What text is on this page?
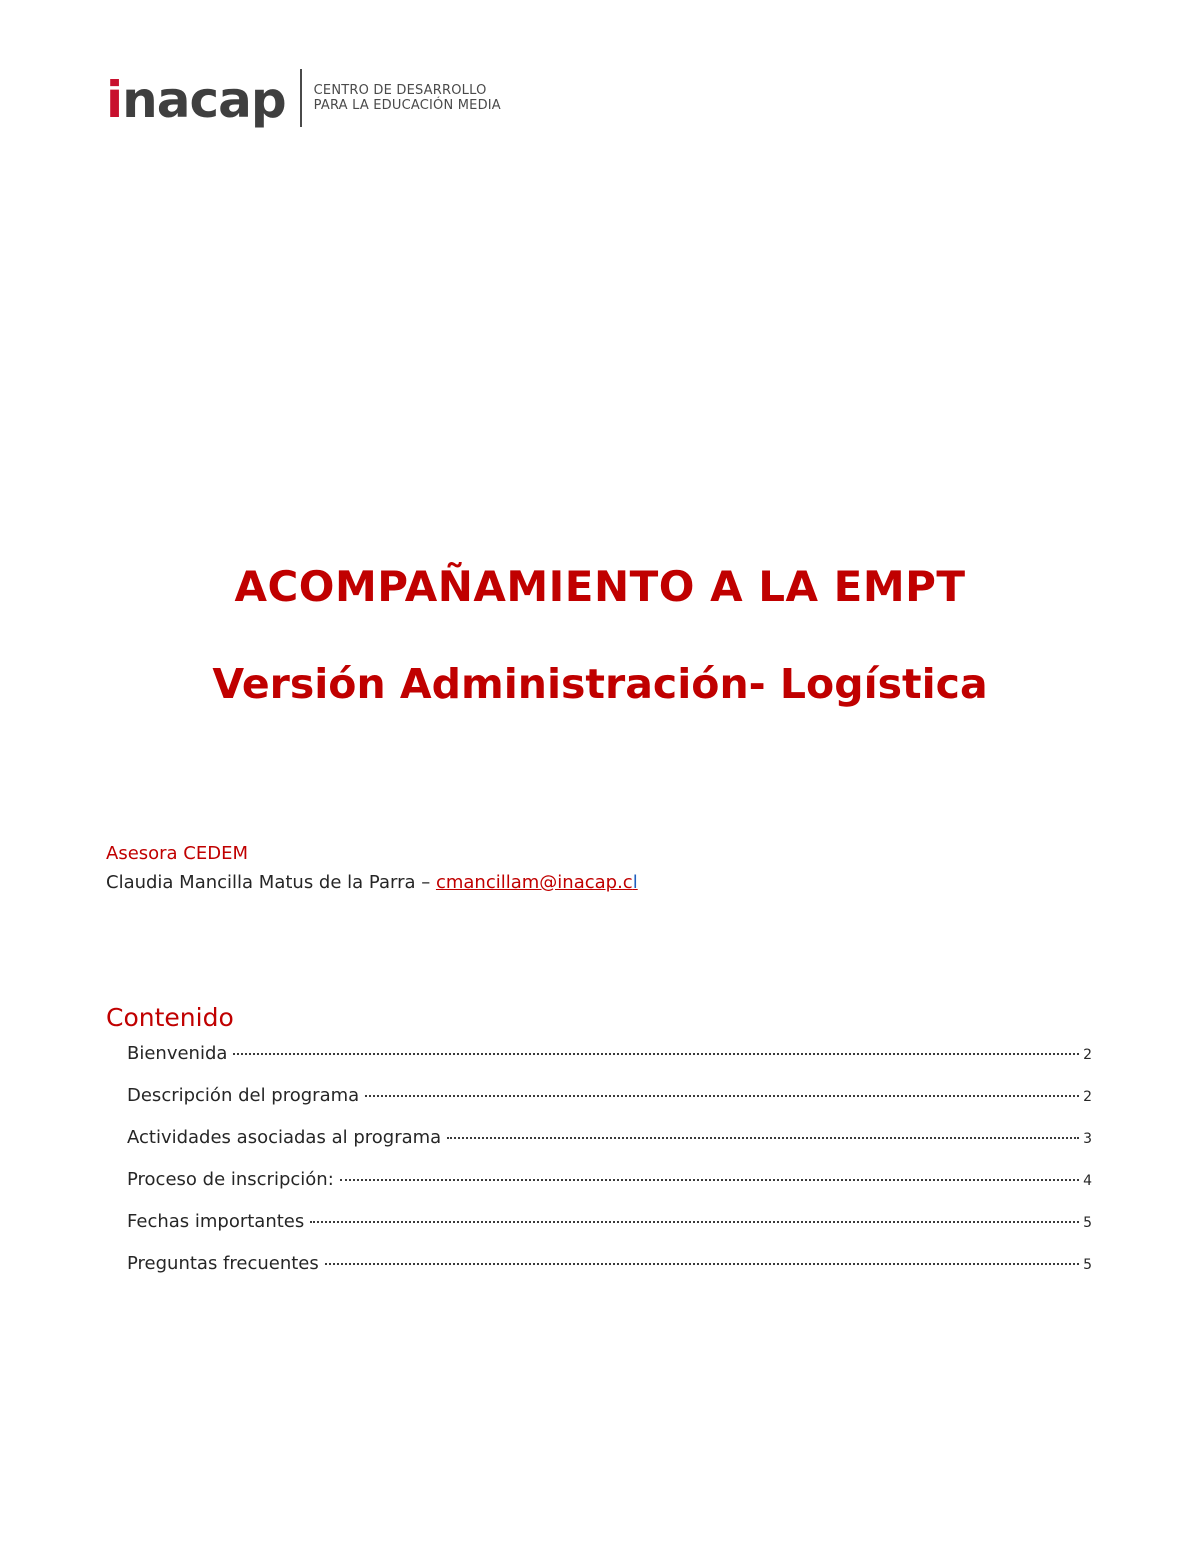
inacap CENTRO DE DESARROLLO
PARA LA EDUCACIÓN MEDIA
ACOMPAÑAMIENTO A LA EMPT
Versión Administración- Logística
Asesora CEDEM
Claudia Mancilla Matus de la Parra – cmancillam@inacap.cl
Contenido
Bienvenida	2
Descripción del programa	2
Actividades asociadas al programa	3
Proceso de inscripción:	4
Fechas importantes	5
Preguntas frecuentes	5
